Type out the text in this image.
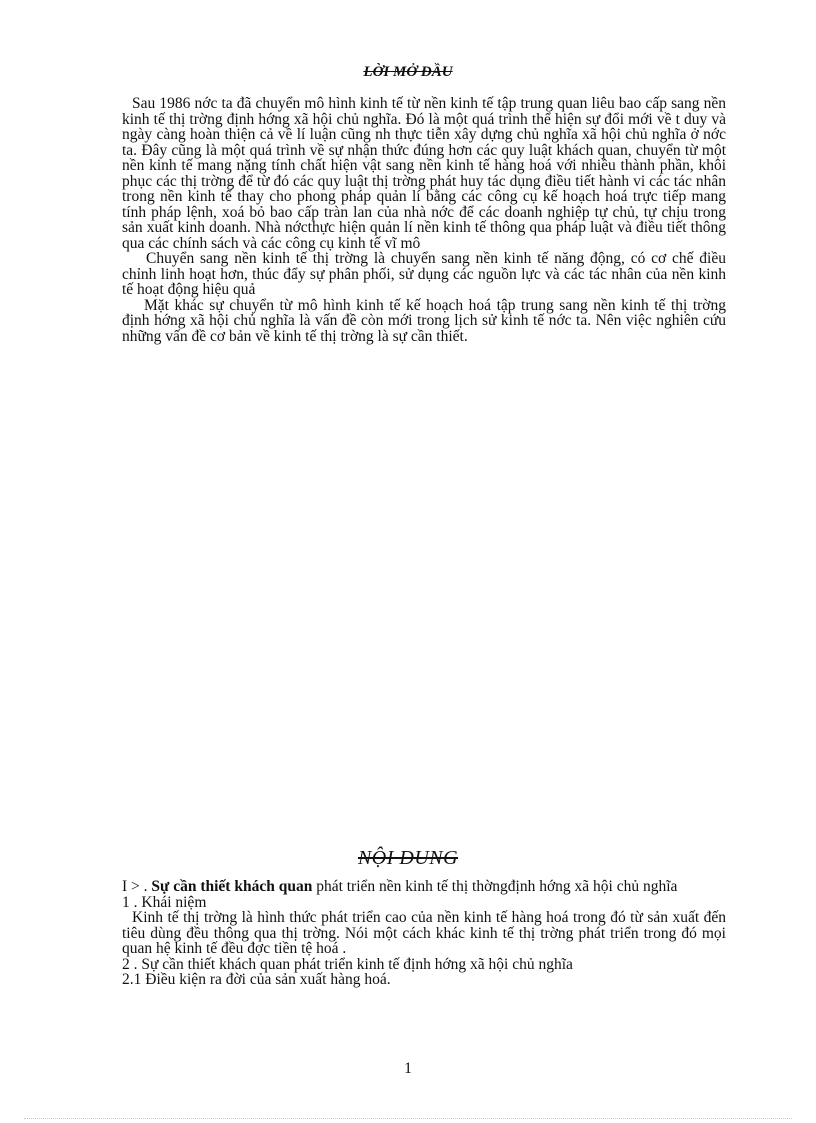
LỜI MỞ ĐẦU

Sau 1986 nớc ta đã chuyển mô hình kinh tế từ nền kinh tế tập trung quan liêu bao cấp sang nền kinh tế thị trờng định hớng xã hội chủ nghĩa. Đó là một quá trình thể hiện sự đổi mới về t duy và ngày càng hoàn thiện cả về lí luận cũng nh thực tiễn xây dựng chủ nghĩa xã hội chủ nghĩa ở nớc ta. Đây cũng là một quá trình về sự nhận thức đúng hơn các quy luật khách quan, chuyển từ một nền kinh tế mang nặng tính chất hiện vật sang nền kinh tế hàng hoá với nhiều thành phần, khôi phục các thị trờng để từ đó các quy luật thị trờng phát huy tác dụng điều tiết hành vi các tác nhân trong nền kinh tế thay cho phong pháp quản lí bằng các công cụ kế hoạch hoá trực tiếp mang tính pháp lệnh, xoá bỏ bao cấp tràn lan của nhà nớc để các doanh nghiệp tự chủ, tự chịu trong sản xuất kinh doanh. Nhà nớcthực hiện quản lí nền kinh tế thông qua pháp luật và điều tiết thông qua các chính sách và các công cụ kinh tế vĩ mô

Chuyển sang nền kinh tế thị trờng là chuyển sang nền kinh tế năng động, có cơ chế điều chỉnh linh hoạt hơn, thúc đẩy sự phân phối, sử dụng các nguồn lực và các tác nhân của nền kinh tế hoạt động hiệu quả

Mặt khác sự chuyển từ mô hình kinh tế kế hoạch hoá tập trung sang nền kinh tế thị trờng định hớng xã hội chủ nghĩa là vấn đề còn mới trong lịch sử kinh tế nớc ta. Nên việc nghiên cứu những vấn đề cơ bản về kinh tế thị trờng là sự cần thiết.

NỘI DUNG

I > . Sự cần thiết khách quan phát triển nền kinh tế thị thờngđịnh hớng xã hội chủ nghĩa

1 . Khái niệm

Kinh tế thị trờng là hình thức phát triển cao của nền kinh tế hàng hoá trong đó từ sản xuất đến tiêu dùng đều thông qua thị trờng. Nói một cách khác kinh tế thị trờng phát triển trong đó mọi quan hệ kinh tế đều đợc tiền tệ hoá .

2 . Sự cần thiết khách quan phát triển kinh tế định hớng xã hội chủ nghĩa

2.1 Điều kiện ra đời của sản xuất hàng hoá.

1
